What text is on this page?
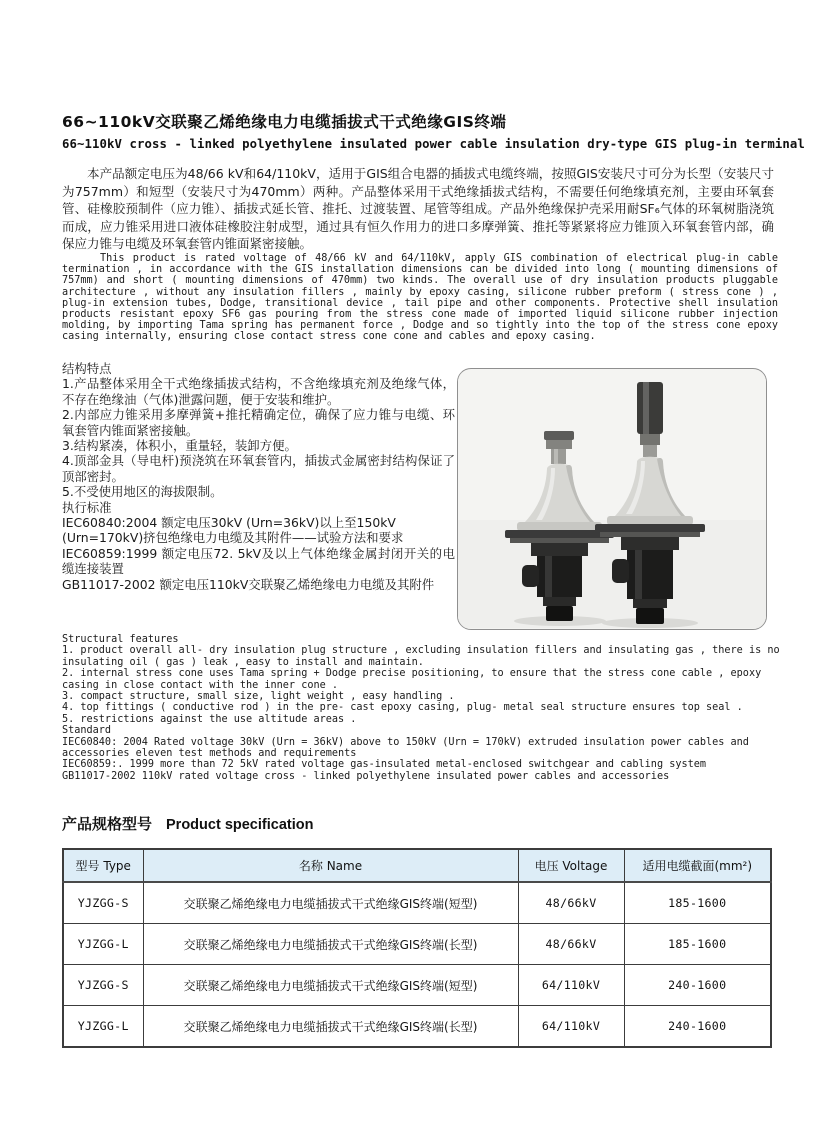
66~110kV交联聚乙烯绝缘电力电缆插拔式干式绝缘GIS终端
66~110kV cross - linked polyethylene insulated power cable insulation dry-type GIS plug-in terminal

本产品额定电压为48/66 kV和64/110kV，适用于GIS组合电器的插拔式电缆终端，按照GIS安装尺寸可分为长型（安装尺寸为757mm）和短型（安装尺寸为470mm）两种。产品整体采用干式绝缘插拔式结构，不需要任何绝缘填充剂，主要由环氧套管、硅橡胶预制件（应力锥）、插拔式延长管、推托、过渡装置、尾管等组成。产品外绝缘保护壳采用耐SF₆气体的环氧树脂浇筑而成，应力锥采用进口液体硅橡胶注射成型，通过具有恒久作用力的进口多摩弹簧、推托等紧紧将应力锥顶入环氧套管内部，确保应力锥与电缆及环氧套管内锥面紧密接触。

This product is rated voltage of 48/66 kV and 64/110kV, apply GIS combination of electrical plug-in cable termination , in accordance with the GIS installation dimensions can be divided into long ( mounting dimensions of 757mm) and short ( mounting dimensions of 470mm) two kinds. The overall use of dry insulation products pluggable architecture , without any insulation fillers , mainly by epoxy casing, silicone rubber preform ( stress cone ) , plug-in extension tubes, Dodge, transitional device , tail pipe and other components. Protective shell insulation products resistant epoxy SF6 gas pouring from the stress cone made of imported liquid silicone rubber injection molding, by importing Tama spring has permanent force , Dodge and so tightly into the top of the stress cone epoxy casing internally, ensuring close contact stress cone cone and cables and epoxy casing.

结构特点
1.产品整体采用全干式绝缘插拔式结构，不含绝缘填充剂及绝缘气体，不存在绝缘油（气体)泄露问题，便于安装和维护。
2.内部应力锥采用多摩弹簧+推托精确定位，确保了应力锥与电缆、环氧套管内锥面紧密接触。
3.结构紧凑，体积小，重量轻，装卸方便。
4.顶部金具（导电杆)预浇筑在环氧套管内，插拔式金属密封结构保证了顶部密封。
5.不受使用地区的海拔限制。
执行标准
IEC60840:2004 额定电压30kV (Urn=36kV)以上至150kV
(Urn=170kV)挤包绝缘电力电缆及其附件——试验方法和要求
IEC60859:1999 额定电压72. 5kV及以上气体绝缘金属封闭开关的电缆连接装置
GB11017-2002 额定电压110kV交联聚乙烯绝缘电力电缆及其附件
Structural features
1. product overall all- dry insulation plug structure , excluding insulation fillers and insulating gas , there is no insulating oil ( gas ) leak , easy to install and maintain.
2. internal stress cone uses Tama spring + Dodge precise positioning, to ensure that the stress cone cable , epoxy casing in close contact with the inner cone .
3. compact structure, small size, light weight , easy handling .
4. top fittings ( conductive rod ) in the pre- cast epoxy casing, plug- metal seal structure ensures top seal .
5. restrictions against the use altitude areas .
Standard
IEC60840: 2004 Rated voltage 30kV (Urn = 36kV) above to 150kV (Urn = 170kV) extruded insulation power cables and accessories eleven test methods and requirements
IEC60859:. 1999 more than 72 5kV rated voltage gas-insulated metal-enclosed switchgear and cabling system
GB11017-2002 110kV rated voltage cross - linked polyethylene insulated power cables and accessories
产品规格型号 Product specification
型号 Type	名称 Name	电压 Voltage	适用电缆截面(mm²)
YJZGG-S	交联聚乙烯绝缘电力电缆插拔式干式绝缘GIS终端(短型)	48/66kV	185-1600
YJZGG-L	交联聚乙烯绝缘电力电缆插拔式干式绝缘GIS终端(长型)	48/66kV	185-1600
YJZGG-S	交联聚乙烯绝缘电力电缆插拔式干式绝缘GIS终端(短型)	64/110kV	240-1600
YJZGG-L	交联聚乙烯绝缘电力电缆插拔式干式绝缘GIS终端(长型)	64/110kV	240-1600
